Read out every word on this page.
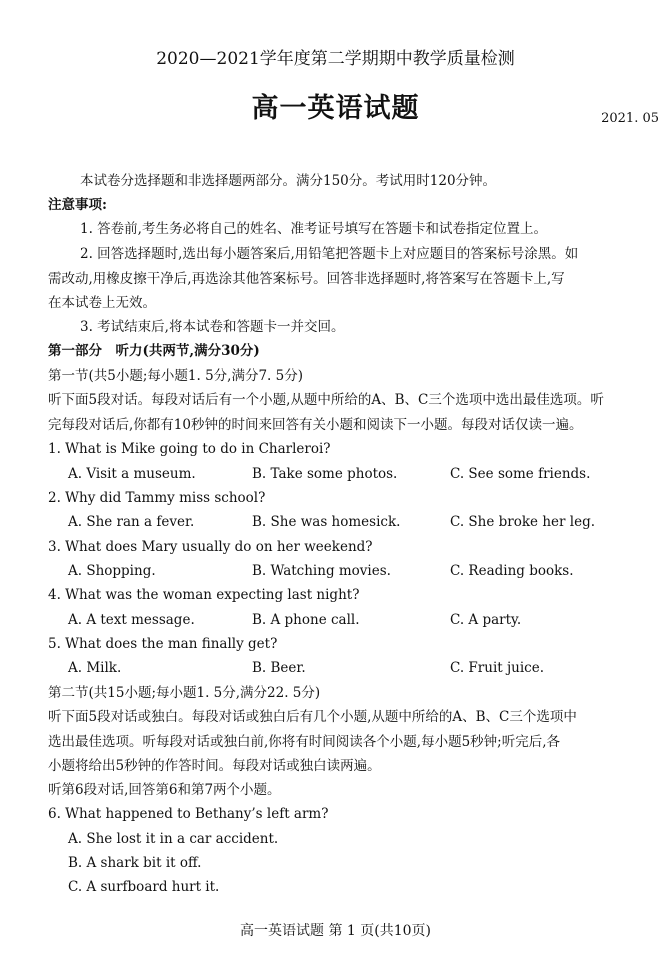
2020—2021学年度第二学期期中教学质量检测
高一英语试题	2021. 05
本试卷分选择题和非选择题两部分。满分150分。考试用时120分钟。
注意事项:
1. 答卷前,考生务必将自己的姓名、准考证号填写在答题卡和试卷指定位置上。
2. 回答选择题时,选出每小题答案后,用铅笔把答题卡上对应题目的答案标号涂黑。如
需改动,用橡皮擦干净后,再选涂其他答案标号。回答非选择题时,将答案写在答题卡上,写
在本试卷上无效。
3. 考试结束后,将本试卷和答题卡一并交回。
第一部分　听力(共两节,满分30分)
第一节(共5小题;每小题1. 5分,满分7. 5分)
听下面5段对话。每段对话后有一个小题,从题中所给的A、B、C三个选项中选出最佳选项。听
完每段对话后,你都有10秒钟的时间来回答有关小题和阅读下一小题。每段对话仅读一遍。
1. What is Mike going to do in Charleroi?
A. Visit a museum.	B. Take some photos.	C. See some friends.
2. Why did Tammy miss school?
A. She ran a fever.	B. She was homesick.	C. She broke her leg.
3. What does Mary usually do on her weekend?
A. Shopping.	B. Watching movies.	C. Reading books.
4. What was the woman expecting last night?
A. A text message.	B. A phone call.	C. A party.
5. What does the man finally get?
A. Milk.	B. Beer.	C. Fruit juice.
第二节(共15小题;每小题1. 5分,满分22. 5分)
听下面5段对话或独白。每段对话或独白后有几个小题,从题中所给的A、B、C三个选项中
选出最佳选项。听每段对话或独白前,你将有时间阅读各个小题,每小题5秒钟;听完后,各
小题将给出5秒钟的作答时间。每段对话或独白读两遍。
听第6段对话,回答第6和第7两个小题。
6. What happened to Bethany’s left arm?
A. She lost it in a car accident.
B. A shark bit it off.
C. A surfboard hurt it.
高一英语试题 第 1 页(共10页)
